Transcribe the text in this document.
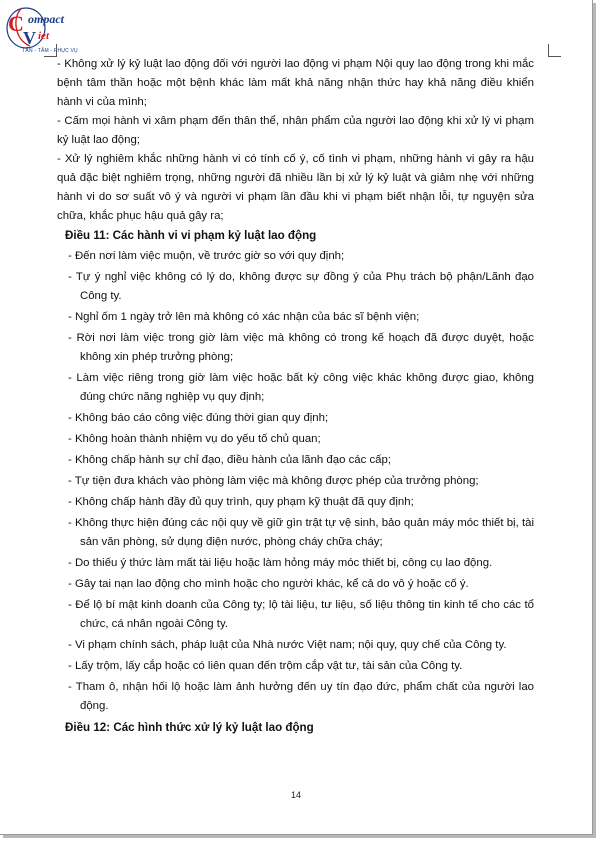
C
V
ompact
iet
TẬN - TÂM - PHỤC VỤ

- Không xử lý kỷ luật lao động đối với người lao động vi phạm Nội quy lao động trong khi mắc bệnh tâm thần hoặc một bệnh khác làm mất khả năng nhận thức hay khả năng điều khiển hành vi của mình;

- Cấm mọi hành vi xâm phạm đến thân thể, nhân phẩm của người lao động khi xử lý vi phạm kỷ luật lao động;

- Xử lý nghiêm khắc những hành vi có tính cố ý, cố tình vi phạm, những hành vi gây ra hậu quả đặc biệt nghiêm trọng, những người đã nhiều lần bị xử lý kỷ luật và giảm nhẹ với những hành vi do sơ suất vô ý và người vi phạm lần đầu khi vi phạm biết nhận lỗi, tự nguyện sửa chữa, khắc phục hậu quả gây ra;

Điều 11: Các hành vi vi phạm kỷ luật lao động

- Đến nơi làm việc muộn, về trước giờ so với quy định;

- Tự ý nghỉ việc không có lý do, không được sự đồng ý của Phụ trách bộ phận/Lãnh đạo Công ty.

- Nghỉ ốm 1 ngày trở lên mà không có xác nhận của bác sĩ bệnh viện;

- Rời nơi làm việc trong giờ làm việc mà không có trong kế hoạch đã được duyệt, hoặc không xin phép trưởng phòng;

- Làm việc riêng trong giờ làm việc hoặc bất kỳ công việc khác không được giao, không đúng chức năng nghiệp vụ quy định;

- Không báo cáo công việc đúng thời gian quy định;

- Không hoàn thành nhiệm vụ do yếu tố chủ quan;

- Không chấp hành sự chỉ đạo, điều hành của lãnh đạo các cấp;

- Tự tiện đưa khách vào phòng làm việc mà không được phép của trưởng phòng;

- Không chấp hành đầy đủ quy trình, quy phạm kỹ thuật đã quy định;

- Không thực hiện đúng các nội quy về giữ gìn trật tự vệ sinh, bảo quản máy móc thiết bị, tài sản văn phòng, sử dụng điện nước, phòng cháy chữa cháy;

- Do thiếu ý thức làm mất tài liệu hoặc làm hỏng máy móc thiết bị, công cụ lao động.

- Gây tai nạn lao động cho mình hoặc cho người khác, kể cả do vô ý hoặc cố ý.

- Để lộ bí mật kinh doanh của Công ty; lộ tài liệu, tư liệu, số liệu thông tin kinh tế cho các tổ chức, cá nhân ngoài Công ty.

- Vi phạm chính sách, pháp luật của Nhà nước Việt nam; nội quy, quy chế của Công ty.

- Lấy trộm, lấy cắp hoặc có liên quan đến trộm cắp vật tư, tài sản của Công ty.

- Tham ô, nhận hối lộ hoặc làm ảnh hưởng đến uy tín đạo đức, phẩm chất của người lao động.

Điều 12: Các hình thức xử lý kỷ luật lao động

14
